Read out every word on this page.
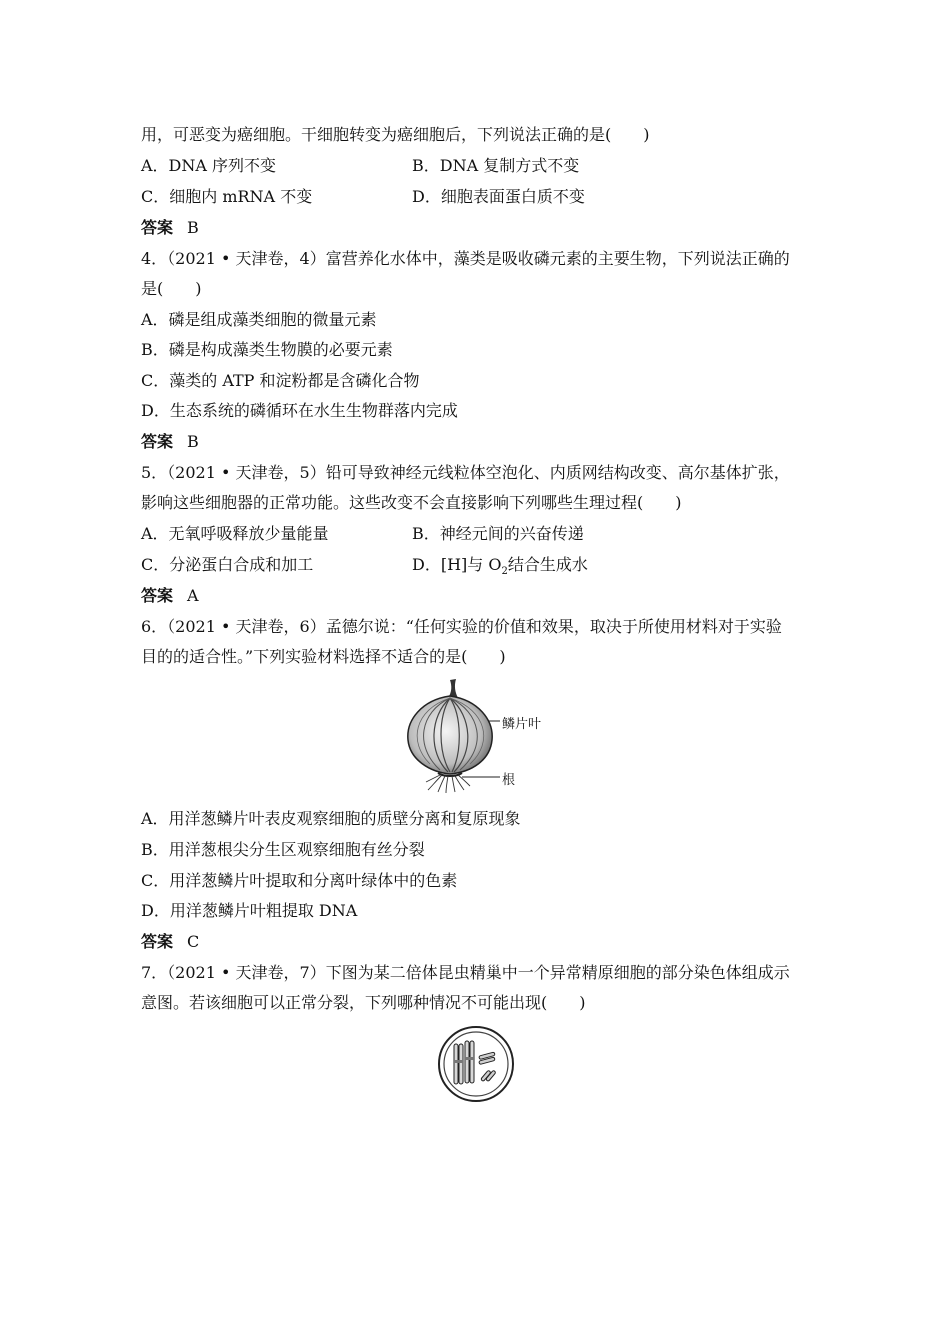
用，可恶变为癌细胞。干细胞转变为癌细胞后，下列说法正确的是(　　)
A．DNA 序列不变	B．DNA 复制方式不变
C．细胞内 mRNA 不变	D．细胞表面蛋白质不变
答案 B
4．（2021 • 天津卷，4）富营养化水体中，藻类是吸收磷元素的主要生物，下列说法正确的
是(　　)
A．磷是组成藻类细胞的微量元素
B．磷是构成藻类生物膜的必要元素
C．藻类的 ATP 和淀粉都是含磷化合物
D．生态系统的磷循环在水生生物群落内完成
答案 B
5．（2021 • 天津卷，5）铅可导致神经元线粒体空泡化、内质网结构改变、高尔基体扩张，
影响这些细胞器的正常功能。这些改变不会直接影响下列哪些生理过程(　　)
A．无氧呼吸释放少量能量	B．神经元间的兴奋传递
C．分泌蛋白合成和加工	D．[H]与 $O_2$结合生成水
答案 A
6．（2021 • 天津卷，6）孟德尔说：“任何实验的价值和效果，取决于所使用材料对于实验
目的的适合性。”下列实验材料选择不适合的是(　　)
鳞片叶
根
A．用洋葱鳞片叶表皮观察细胞的质壁分离和复原现象
B．用洋葱根尖分生区观察细胞有丝分裂
C．用洋葱鳞片叶提取和分离叶绿体中的色素
D．用洋葱鳞片叶粗提取 DNA
答案 C
7．（2021 • 天津卷，7）下图为某二倍体昆虫精巢中一个异常精原细胞的部分染色体组成示
意图。若该细胞可以正常分裂，下列哪种情况不可能出现(　　)
